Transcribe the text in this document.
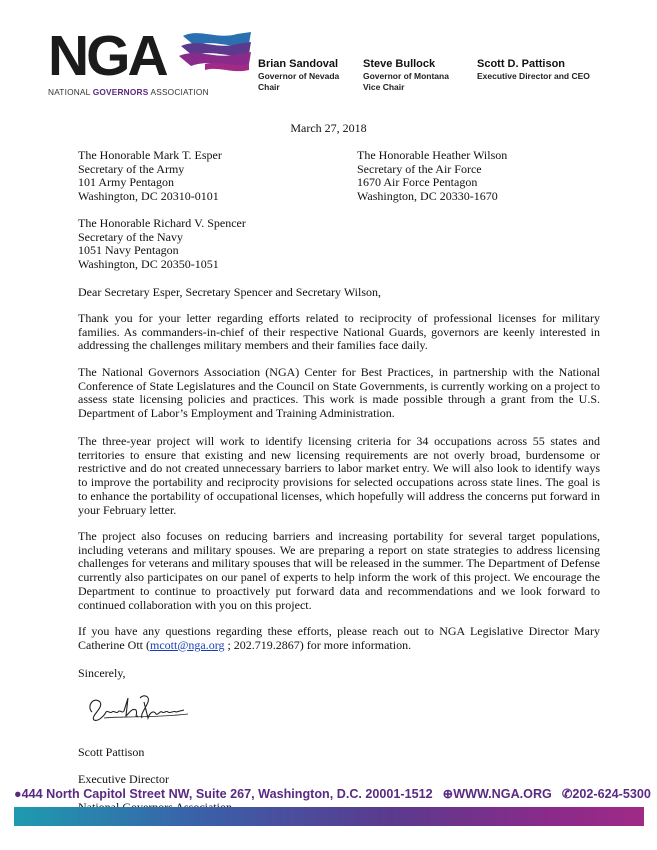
NGA
NATIONAL GOVERNORS ASSOCIATION
Brian Sandoval
Governor of Nevada
Chair
Steve Bullock
Governor of Montana
Vice Chair
Scott D. Pattison
Executive Director and CEO
March 27, 2018
The Honorable Mark T. Esper
Secretary of the Army
101 Army Pentagon
Washington, DC 20310-0101
The Honorable Heather Wilson
Secretary of the Air Force
1670 Air Force Pentagon
Washington, DC 20330-1670
The Honorable Richard V. Spencer
Secretary of the Navy
1051 Navy Pentagon
Washington, DC 20350-1051

Dear Secretary Esper, Secretary Spencer and Secretary Wilson,

Thank you for your letter regarding efforts related to reciprocity of professional licenses for military families. As commanders-in-chief of their respective National Guards, governors are keenly interested in addressing the challenges military members and their families face daily.

The National Governors Association (NGA) Center for Best Practices, in partnership with the National Conference of State Legislatures and the Council on State Governments, is currently working on a project to assess state licensing policies and practices. This work is made possible through a grant from the U.S. Department of Labor’s Employment and Training Administration.

The three-year project will work to identify licensing criteria for 34 occupations across 55 states and territories to ensure that existing and new licensing requirements are not overly broad, burdensome or restrictive and do not created unnecessary barriers to labor market entry. We will also look to identify ways to improve the portability and reciprocity provisions for selected occupations across state lines. The goal is to enhance the portability of occupational licenses, which hopefully will address the concerns put forward in your February letter.

The project also focuses on reducing barriers and increasing portability for several target populations, including veterans and military spouses. We are preparing a report on state strategies to address licensing challenges for veterans and military spouses that will be released in the summer. The Department of Defense currently also participates on our panel of experts to help inform the work of this project. We encourage the Department to continue to proactively put forward data and recommendations and we look forward to continued collaboration with you on this project.

If you have any questions regarding these efforts, please reach out to NGA Legislative Director Mary Catherine Ott (mcott@nga.org ; 202.719.2867) for more information.

Sincerely,

Scott Pattison

Executive Director

●444 North Capitol Street NW, Suite 267, Washington, D.C. 20001-1512 ⊕WWW.NGA.ORG ✆202-624-5300
